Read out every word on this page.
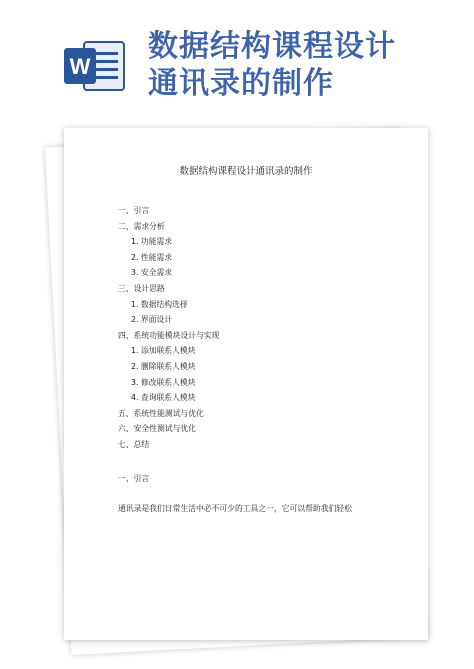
W
数据结构课程设计
通讯录的制作
数据结构课程设计通讯录的制作
一、引言
二、需求分析
1. 功能需求
2. 性能需求
3. 安全需求
三、设计思路
1. 数据结构选择
2. 界面设计
四、系统功能模块设计与实现
1. 添加联系人模块
2. 删除联系人模块
3. 修改联系人模块
4. 查询联系人模块
五、系统性能测试与优化
六、安全性测试与优化
七、总结
一、引言
通讯录是我们日常生活中必不可少的工具之一，它可以帮助我们轻松
